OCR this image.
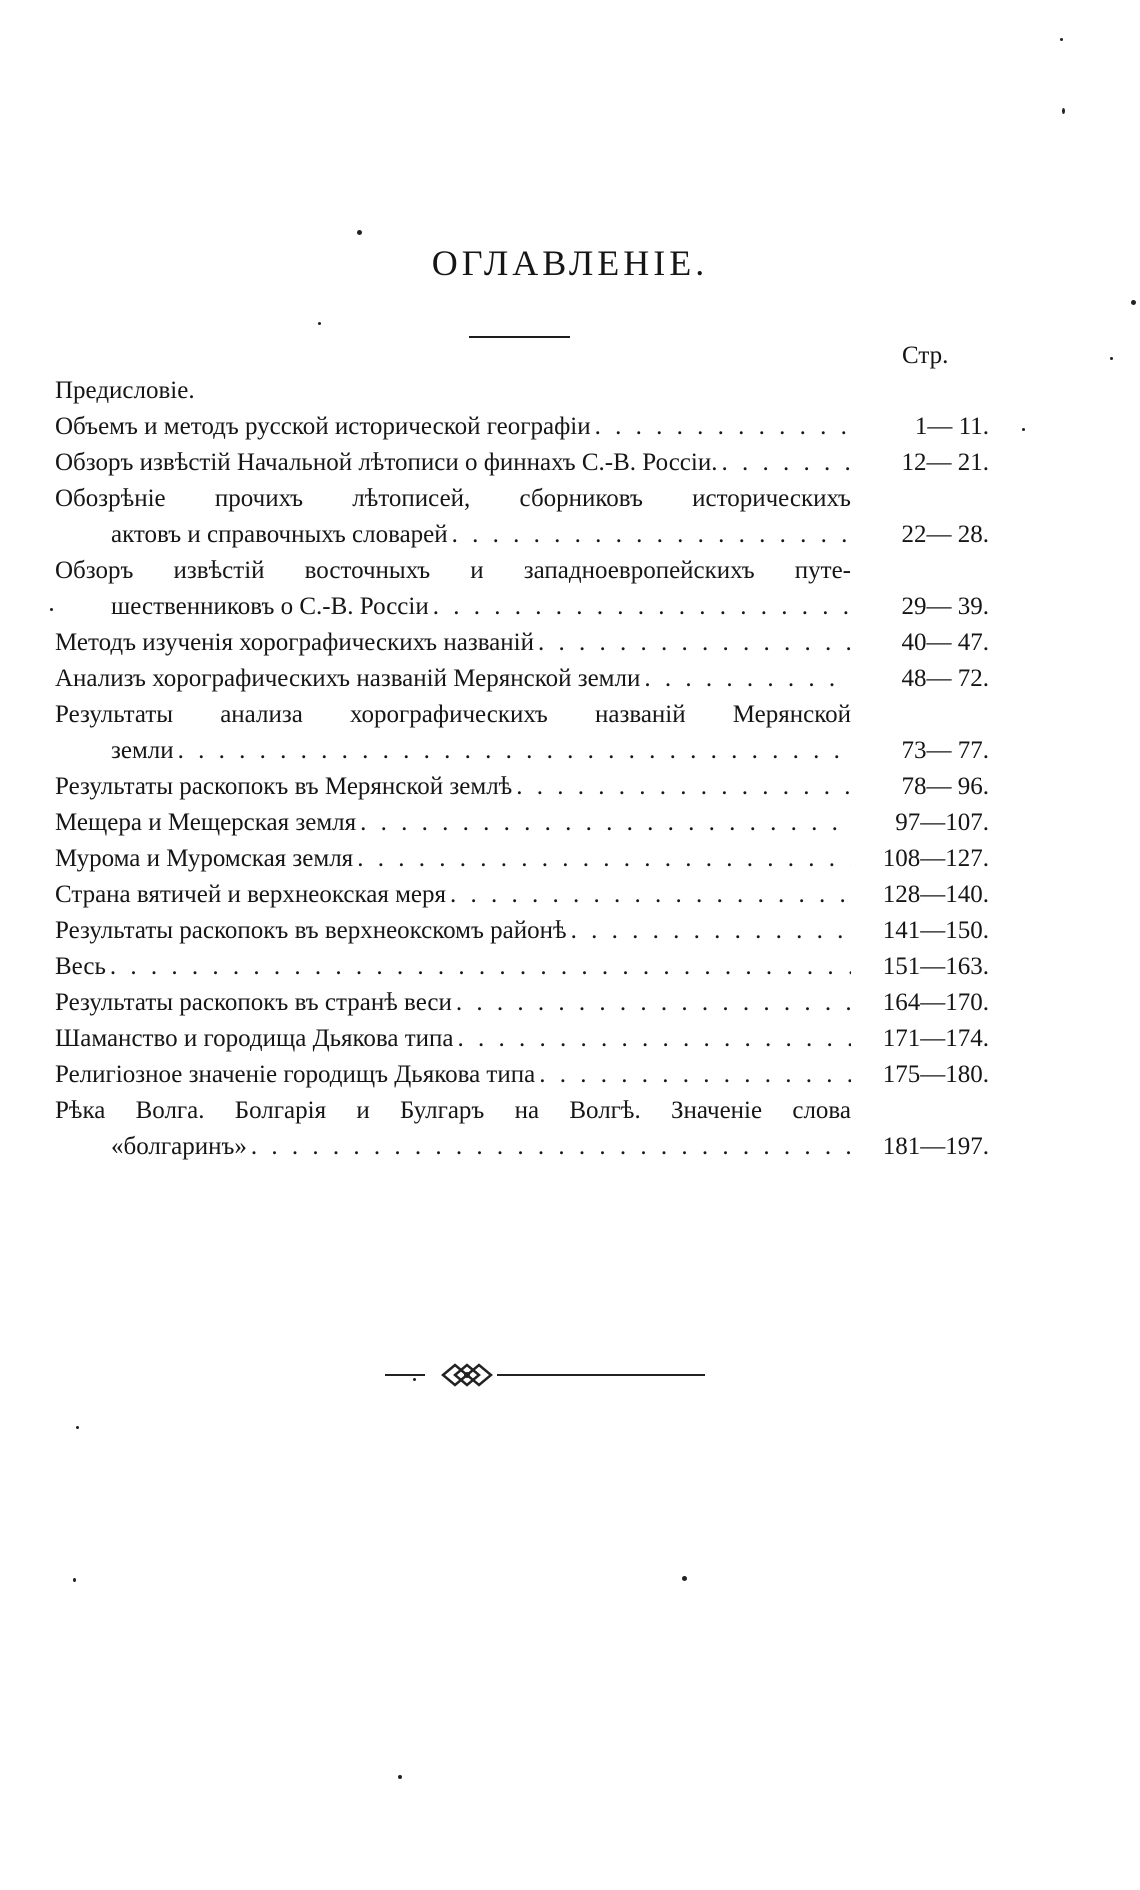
ОГЛАВЛЕНIЕ.
Стр.
Предисловіе.
Объемъ и методъ русской исторической географіи . . .	1— 11.
Обзоръ извѣстій Начальной лѣтописи о финнахъ С.-В. Россіи. . . .	12— 21.
Обозрѣніе прочихъ лѣтописей, сборниковъ историческихъ
актовъ и справочныхъ словарей . . .	22— 28.
Обзоръ извѣстій восточныхъ и западноевропейскихъ путе-
шественниковъ о С.-В. Россіи . . .	29— 39.
Методъ изученія хорографическихъ названій . . .	40— 47.
Анализъ хорографическихъ названій Мерянской земли . . .	48— 72.
Результаты анализа хорографическихъ названій Мерянской
земли . . .	73— 77.
Результаты раскопокъ въ Мерянской землѣ . . .	78— 96.
Мещера и Мещерская земля . . .	97—107.
Мурома и Муромская земля . . .	108—127.
Страна вятичей и верхнеокская меря . . .	128—140.
Результаты раскопокъ въ верхнеокскомъ районѣ . . .	141—150.
Весь . . .	151—163.
Результаты раскопокъ въ странѣ веси . . .	164—170.
Шаманство и городища Дьякова типа . . .	171—174.
Религіозное значеніе городищъ Дьякова типа . . .	175—180.
Рѣка Волга. Болгарія и Булгаръ на Волгѣ. Значеніе слова
«болгаринъ» . . .	181—197.
